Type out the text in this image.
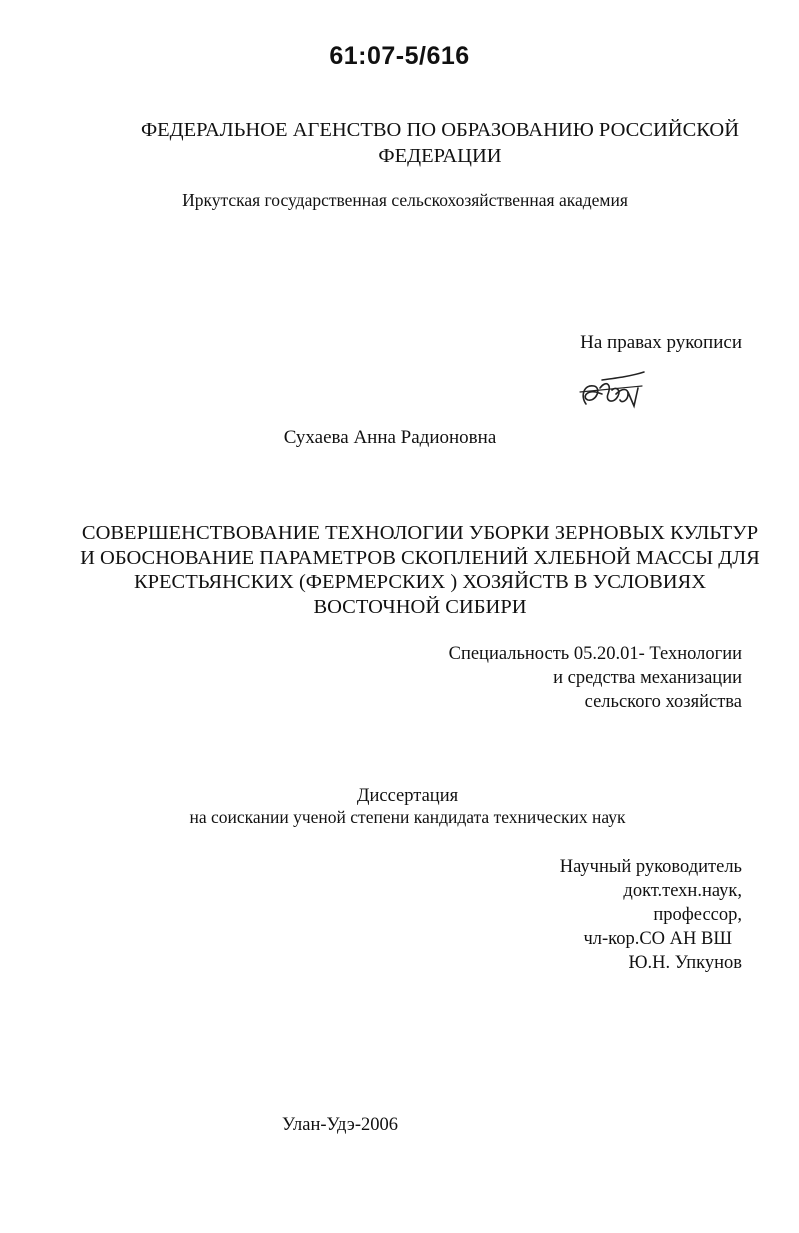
61:07-5/616
ФЕДЕРАЛЬНОЕ АГЕНСТВО ПО ОБРАЗОВАНИЮ РОССИЙСКОЙ
ФЕДЕРАЦИИ
Иркутская государственная сельскохозяйственная академия
На правах рукописи
Сухаева Анна Радионовна
СОВЕРШЕНСТВОВАНИЕ ТЕХНОЛОГИИ УБОРКИ ЗЕРНОВЫХ КУЛЬТУР
И ОБОСНОВАНИЕ ПАРАМЕТРОВ СКОПЛЕНИЙ ХЛЕБНОЙ МАССЫ ДЛЯ
КРЕСТЬЯНСКИХ (ФЕРМЕРСКИХ ) ХОЗЯЙСТВ В УСЛОВИЯХ
ВОСТОЧНОЙ СИБИРИ
Специальность 05.20.01- Технологии
и средства механизации
сельского хозяйства
Диссертация
на соискании ученой степени кандидата технических наук
Научный руководитель
докт.техн.наук,
профессор,
чл-кор.СО АН ВШ
Ю.Н. Упкунов
Улан-Удэ-2006
